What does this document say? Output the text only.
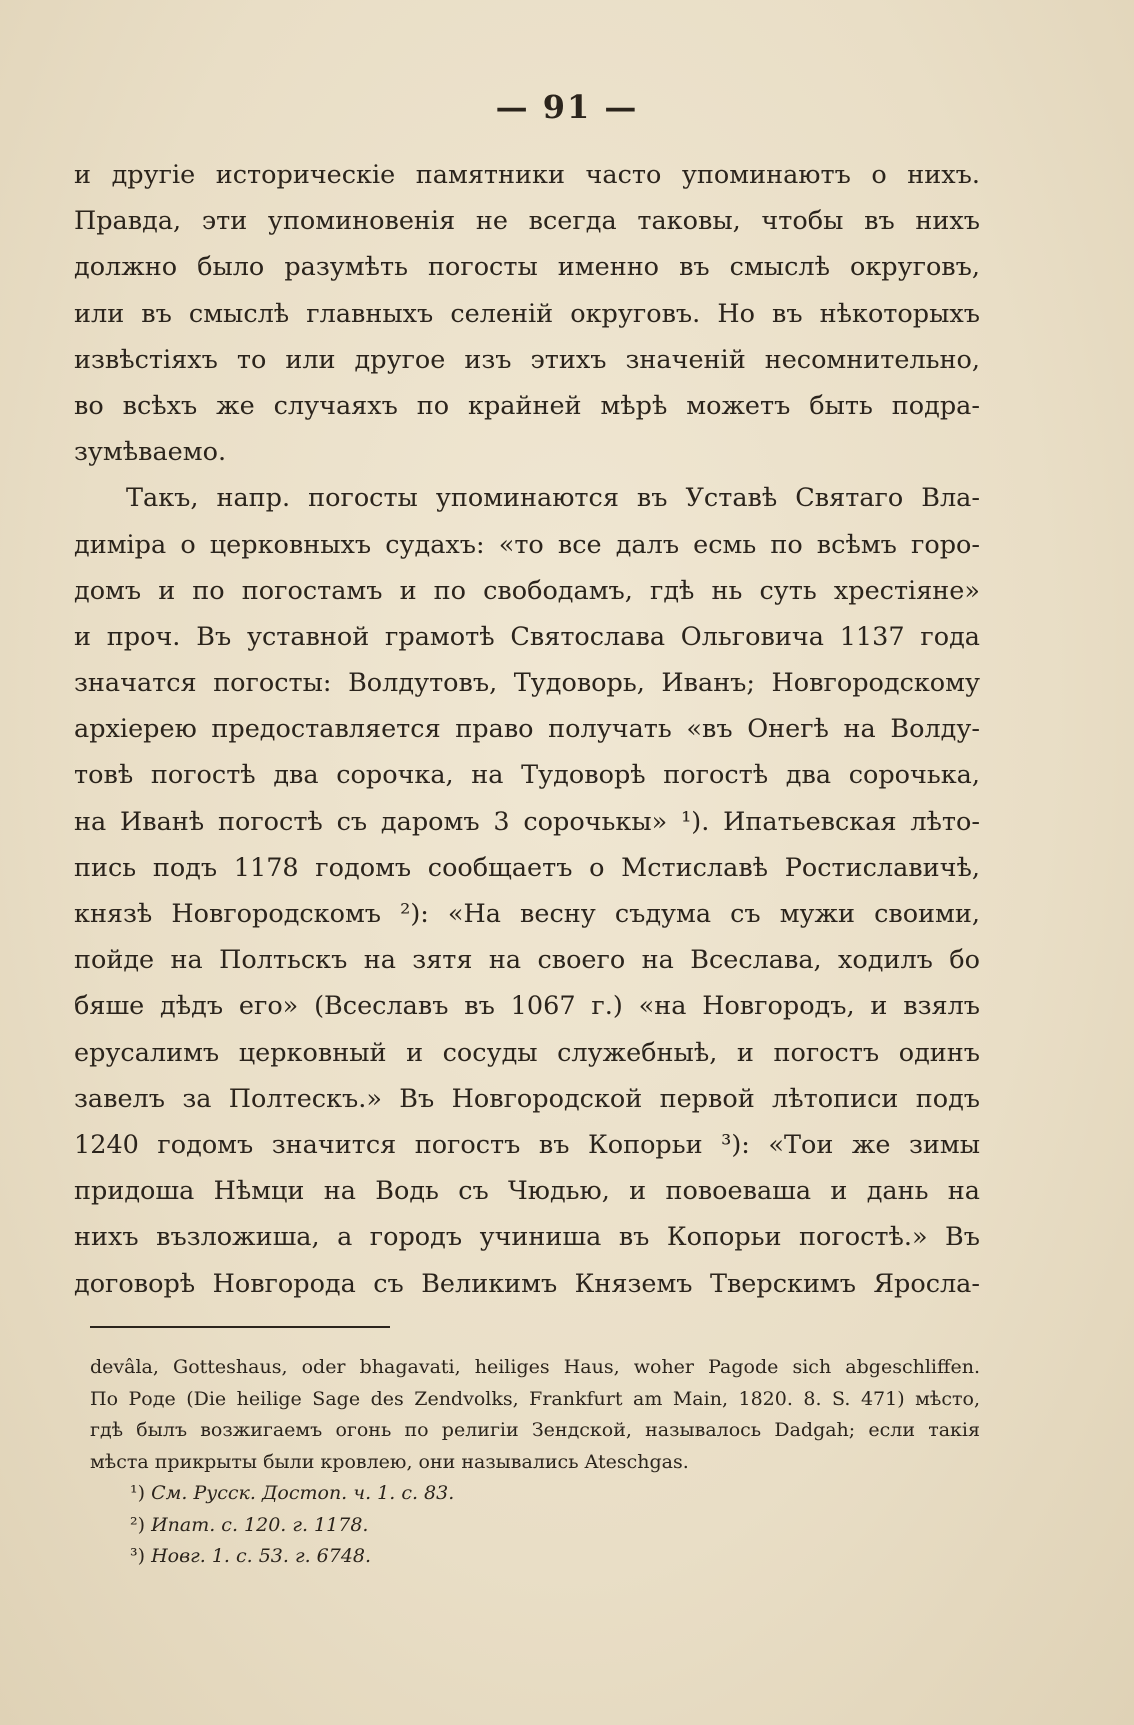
— 91 —
и другіе историческіе памятники часто упоминаютъ о нихъ.
Правда, эти упоминовенія не всегда таковы, чтобы въ нихъ
должно было разумѣть погосты именно въ смыслѣ округовъ,
или въ смыслѣ главныхъ селеній округовъ. Но въ нѣкоторыхъ
извѣстіяхъ то или другое изъ этихъ значеній несомнительно,
во всѣхъ же случаяхъ по крайней мѣрѣ можетъ быть подра-
зумѣваемо.
Такъ, напр. погосты упоминаются въ Уставѣ Святаго Вла-
диміра о церковныхъ судахъ: «то все далъ есмь по всѣмъ горо-
домъ и по погостамъ и по свободамъ, гдѣ нь суть хрестіяне»
и проч. Въ уставной грамотѣ Святослава Ольговича 1137 года
значатся погосты: Волдутовъ, Тудоворь, Иванъ; Новгородскому
архіерею предоставляется право получать «въ Онегѣ на Волду-
товѣ погостѣ два сорочка, на Тудоворѣ погостѣ два сорочька,
на Иванѣ погостѣ съ даромъ 3 сорочькы» ¹). Ипатьевская лѣто-
пись подъ 1178 годомъ сообщаетъ о Мстиславѣ Ростиславичѣ,
князѣ Новгородскомъ ²): «На весну съдума съ мужи своими,
пойде на Полтьскъ на зятя на своего на Всеслава, ходилъ бо
бяше дѣдъ его» (Всеславъ въ 1067 г.) «на Новгородъ, и взялъ
ерусалимъ церковный и сосуды служебныѣ, и погостъ одинъ
завелъ за Полтескъ.» Въ Новгородской первой лѣтописи подъ
1240 годомъ значится погостъ въ Копорьи ³): «Тои же зимы
придоша Нѣмци на Водь съ Чюдью, и повоеваша и дань на
нихъ възложиша, а городъ учиниша въ Копорьи погостѣ.» Въ
договорѣ Новгорода съ Великимъ Княземъ Тверскимъ Яросла-
devâla, Gotteshaus, oder bhagavati, heiliges Haus, woher Pagode sich abgeschliffen.
По Роде (Die heilige Sage des Zendvolks, Frankfurt am Main, 1820. 8. S. 471) мѣсто,
гдѣ былъ возжигаемъ огонь по религіи Зендской, называлось Dadgah; если такія
мѣста прикрыты были кровлею, они назывались Ateschgas.
¹) См. Русск. Достоп. ч. 1. с. 83.
²) Ипат. с. 120. г. 1178.
³) Новг. 1. с. 53. г. 6748.
